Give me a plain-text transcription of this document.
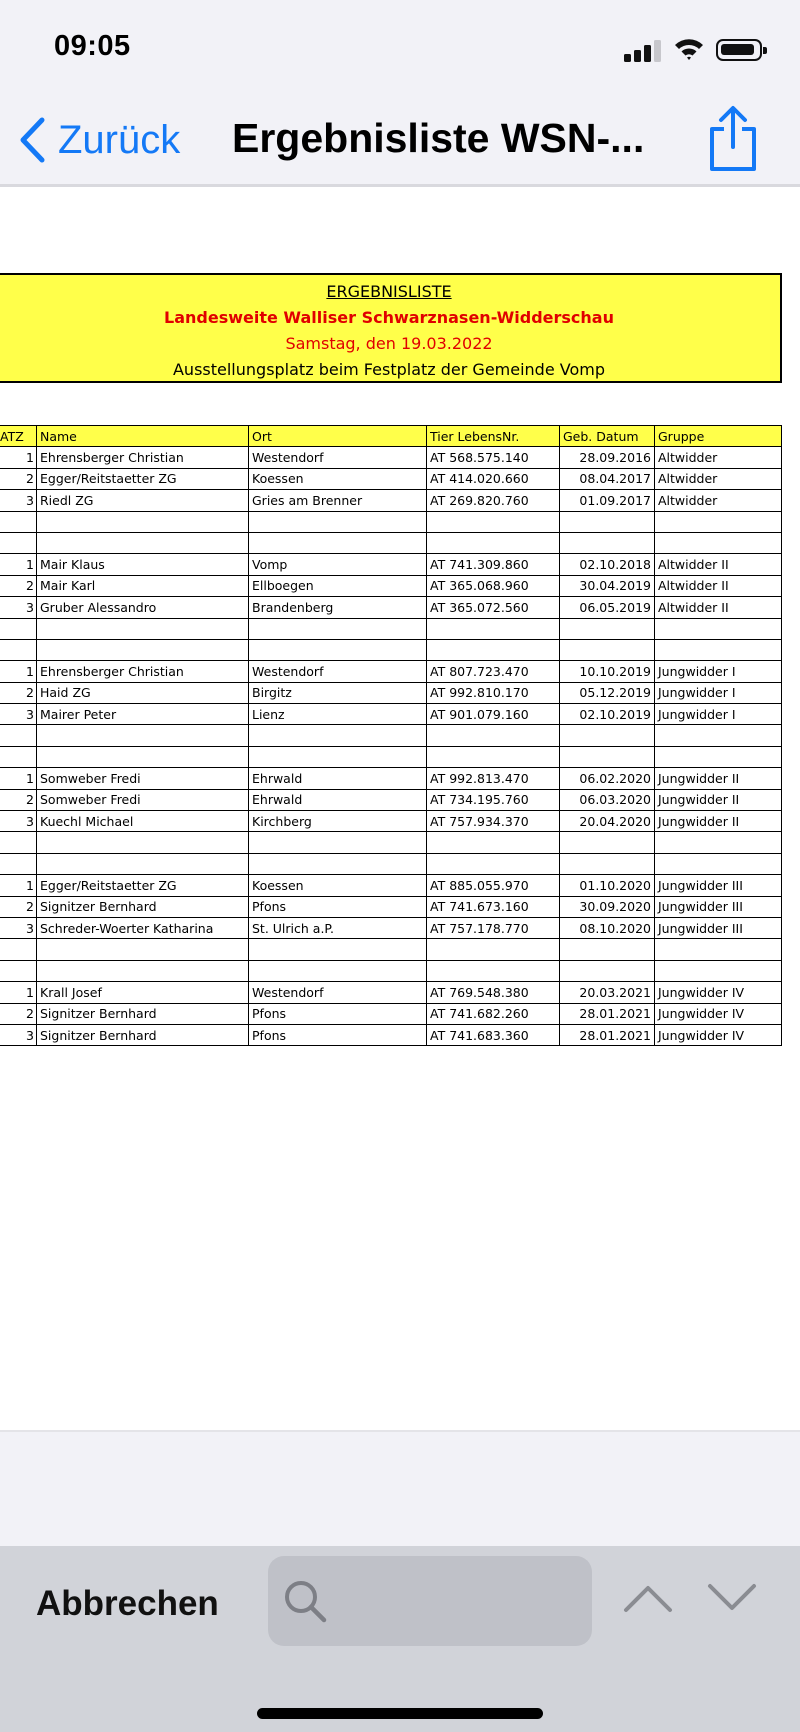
09:05
Zurück Ergebnisliste WSN-...
ERGEBNISLISTE
Landesweite Walliser Schwarznasen-Widderschau
Samstag, den 19.03.2022
Ausstellungsplatz beim Festplatz der Gemeinde Vomp
ATZ	Name	Ort	Tier LebensNr.	Geb. Datum	Gruppe
1	Ehrensberger Christian	Westendorf	AT 568.575.140	28.09.2016	Altwidder
2	Egger/Reitstaetter ZG	Koessen	AT 414.020.660	08.04.2017	Altwidder
3	Riedl ZG	Gries am Brenner	AT 269.820.760	01.09.2017	Altwidder

1	Mair Klaus	Vomp	AT 741.309.860	02.10.2018	Altwidder II
2	Mair Karl	Ellboegen	AT 365.068.960	30.04.2019	Altwidder II
3	Gruber Alessandro	Brandenberg	AT 365.072.560	06.05.2019	Altwidder II

1	Ehrensberger Christian	Westendorf	AT 807.723.470	10.10.2019	Jungwidder I
2	Haid ZG	Birgitz	AT 992.810.170	05.12.2019	Jungwidder I
3	Mairer Peter	Lienz	AT 901.079.160	02.10.2019	Jungwidder I

1	Somweber Fredi	Ehrwald	AT 992.813.470	06.02.2020	Jungwidder II
2	Somweber Fredi	Ehrwald	AT 734.195.760	06.03.2020	Jungwidder II
3	Kuechl Michael	Kirchberg	AT 757.934.370	20.04.2020	Jungwidder II

1	Egger/Reitstaetter ZG	Koessen	AT 885.055.970	01.10.2020	Jungwidder III
2	Signitzer Bernhard	Pfons	AT 741.673.160	30.09.2020	Jungwidder III
3	Schreder-Woerter Katharina	St. Ulrich a.P.	AT 757.178.770	08.10.2020	Jungwidder III

1	Krall Josef	Westendorf	AT 769.548.380	20.03.2021	Jungwidder IV
2	Signitzer Bernhard	Pfons	AT 741.682.260	28.01.2021	Jungwidder IV
3	Signitzer Bernhard	Pfons	AT 741.683.360	28.01.2021	Jungwidder IV
Abbrechen
